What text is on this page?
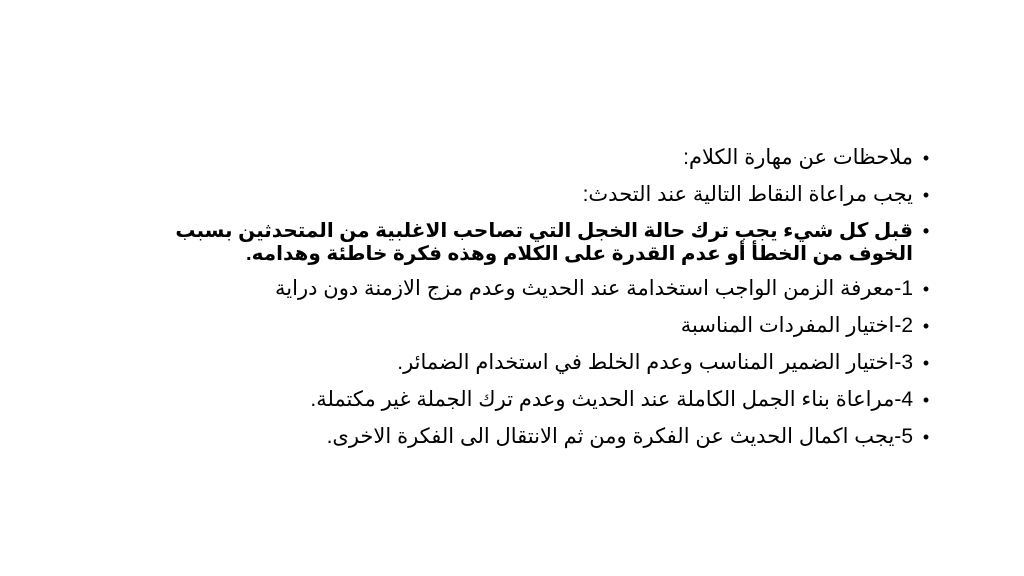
•
ملاحظات عن مهارة الكلام:
•
يجب مراعاة النقاط التالية عند التحدث:
•
قبل كل شيء يجب ترك حالة الخجل التي تصاحب الاغلبية من المتحدثين بسبب الخوف من الخطأ أو عدم القدرة على الكلام وهذه فكرة خاطئة وهدامه.
•
1-معرفة الزمن الواجب استخدامة عند الحديث وعدم مزج الازمنة دون دراية
•
2-اختيار المفردات المناسبة
•
3-اختيار الضمير المناسب وعدم الخلط في استخدام الضمائر.
•
4-مراعاة بناء الجمل الكاملة عند الحديث وعدم ترك الجملة غير مكتملة.
•
5-يجب اكمال الحديث عن الفكرة ومن ثم الانتقال الى الفكرة الاخرى.
